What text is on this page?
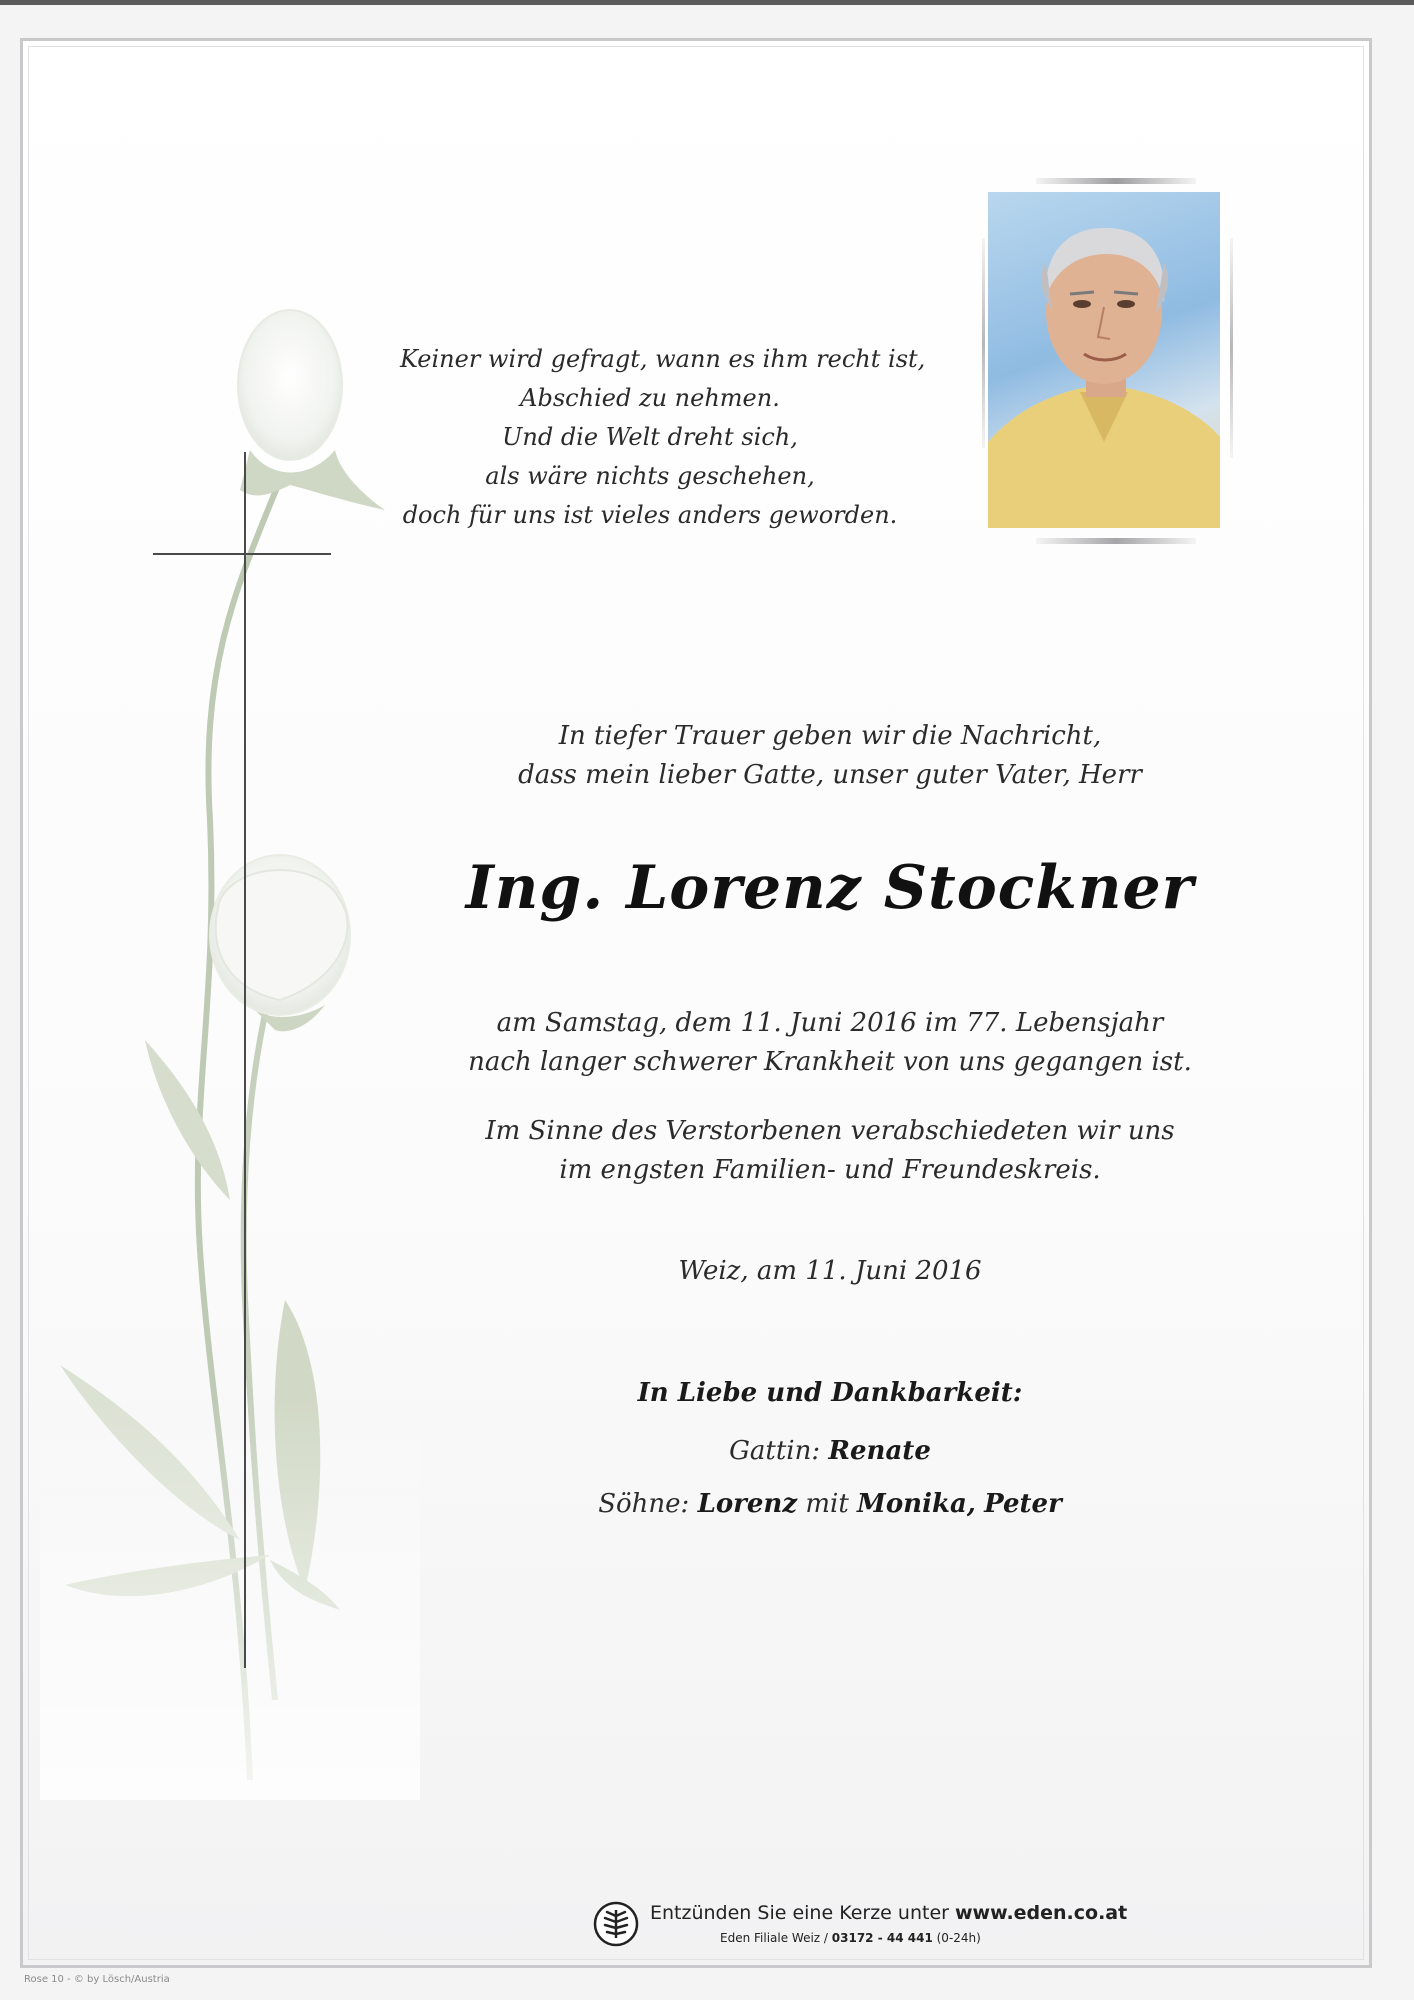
Keiner wird gefragt, wann es ihm recht ist,
Abschied zu nehmen.
Und die Welt dreht sich,
als wäre nichts geschehen,
doch für uns ist vieles anders geworden.
In tiefer Trauer geben wir die Nachricht,
dass mein lieber Gatte, unser guter Vater, Herr
Ing. Lorenz Stockner
am Samstag, dem 11. Juni 2016 im 77. Lebensjahr
nach langer schwerer Krankheit von uns gegangen ist.
Im Sinne des Verstorbenen verabschiedeten wir uns
im engsten Familien- und Freundeskreis.
Weiz, am 11. Juni 2016
In Liebe und Dankbarkeit:
Gattin: Renate
Söhne: Lorenz mit Monika, Peter
Entzünden Sie eine Kerze unter www.eden.co.at
Eden Filiale Weiz / 03172 - 44 441 (0-24h)
Rose 10 - © by Lösch/Austria
